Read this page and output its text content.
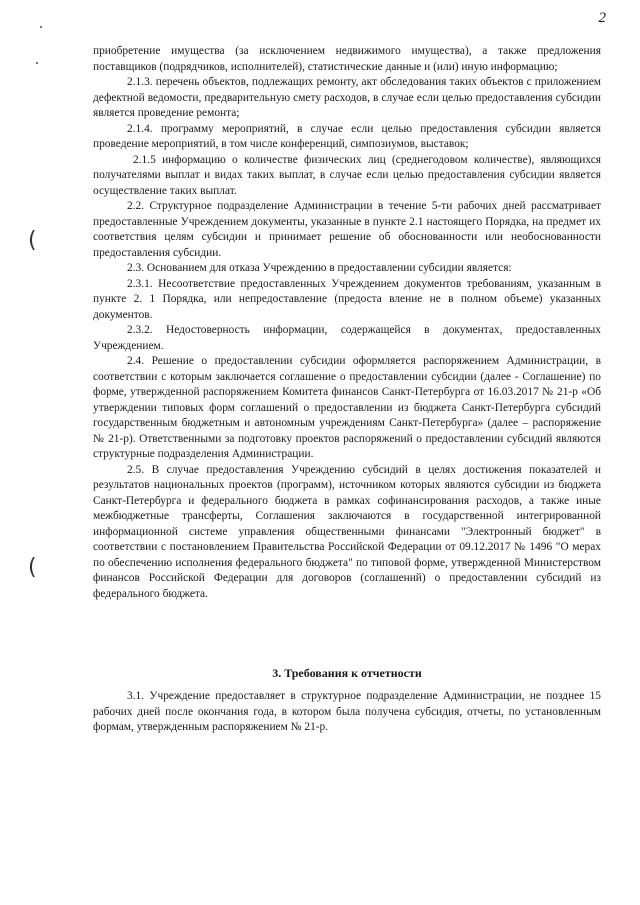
2
(
(

приобретение имущества (за исключением недвижимого имущества), а также предложения поставщиков (подрядчиков, исполнителей), статистические данные и (или) иную информацию;

2.1.3. перечень объектов, подлежащих ремонту, акт обследования таких объектов с приложением дефектной ведомости, предварительную смету расходов, в случае если целью предоставления субсидии является проведение ремонта;

2.1.4. программу мероприятий, в случае если целью предоставления субсидии является проведение мероприятий, в том числе конференций, симпозиумов, выставок;

2.1.5 информацию о количестве физических лиц (среднегодовом количестве), являющихся получателями выплат и видах таких выплат, в случае если целью предоставления субсидии является осуществление таких выплат.

2.2. Структурное подразделение Администрации в течение 5-ти рабочих дней рассматривает предоставленные Учреждением документы, указанные в пункте 2.1 настоящего Порядка, на предмет их соответствия целям субсидии и принимает решение об обоснованности или необоснованности предоставления субсидии.

2.3. Основанием для отказа Учреждению в предоставлении субсидии является:

2.3.1. Несоответствие предоставленных Учреждением документов требованиям, указанным в пункте 2. 1 Порядка, или непредоставление (предоста вление не в полном объеме) указанных документов.

2.3.2. Недостоверность информации, содержащейся в документах, предоставленных Учреждением.

2.4. Решение о предоставлении субсидии оформляется распоряжением Администрации, в соответствии с которым заключается соглашение о предоставлении субсидии (далее - Соглашение) по форме, утвержденной распоряжением Комитета финансов Санкт-Петербурга от 16.03.2017 № 21-р «Об утверждении типовых форм соглашений о предоставлении из бюджета Санкт-Петербурга субсидий государственным бюджетным и автономным учреждениям Санкт-Петербурга» (далее – распоряжение № 21-р). Ответственными за подготовку проектов распоряжений о предоставлении субсидий являются структурные подразделения Администрации.

2.5. В случае предоставления Учреждению субсидий в целях достижения показателей и результатов национальных проектов (программ), источником которых являются субсидии из бюджета Санкт-Петербурга и федерального бюджета в рамках софинансирования расходов, а также иные межбюджетные трансферты, Соглашения заключаются в государственной интегрированной информационной системе управления общественными финансами "Электронный бюджет" в соответствии с постановлением Правительства Российской Федерации от 09.12.2017 № 1496 "О мерах по обеспечению исполнения федерального бюджета" по типовой форме, утвержденной Министерством финансов Российской Федерации для договоров (соглашений) о предоставлении субсидий из федерального бюджета.

3. Требования к отчетности

3.1. Учреждение предоставляет в структурное подразделение Администрации, не позднее 15 рабочих дней после окончания года, в котором была получена субсидия, отчеты, по установленным формам, утвержденным распоряжением № 21-р.
